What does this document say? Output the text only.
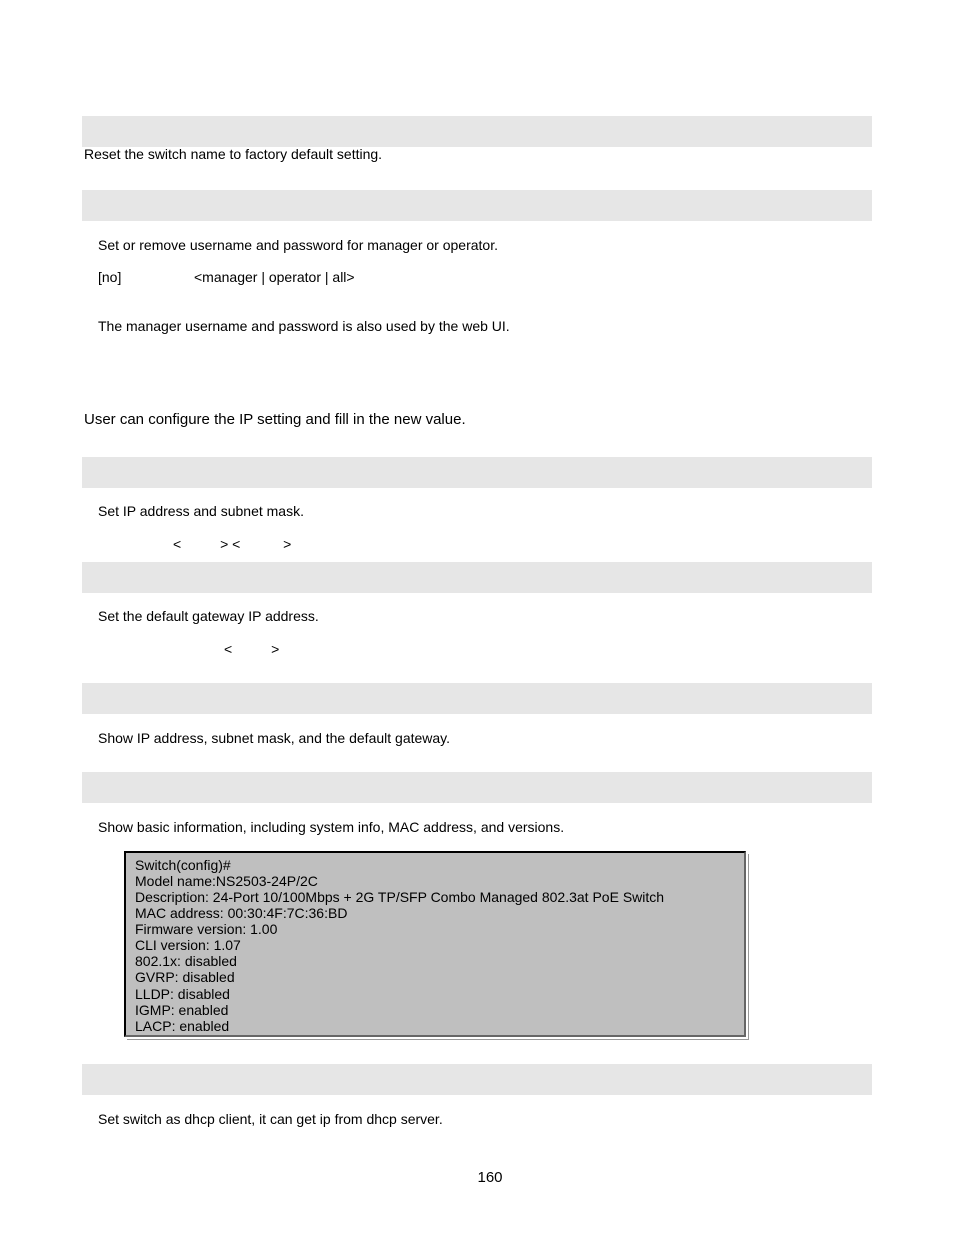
Reset the switch name to factory default setting.
Set or remove username and password for manager or operator.
[no]	<manager | operator | all>
The manager username and password is also used by the web UI.
User can configure the IP setting and fill in the new value.
Set IP address and subnet mask.
<          > <           >
Set the default gateway IP address.
<          >
Show IP address, subnet mask, and the default gateway.
Show basic information, including system info, MAC address, and versions.
Switch(config)#
Model name:NS2503-24P/2C
Description: 24-Port 10/100Mbps + 2G TP/SFP Combo Managed 802.3at PoE Switch
MAC address: 00:30:4F:7C:36:BD
Firmware version: 1.00
CLI version: 1.07
802.1x: disabled
GVRP: disabled
LLDP: disabled
IGMP: enabled
LACP: enabled
Set switch as dhcp client, it can get ip from dhcp server.
160
